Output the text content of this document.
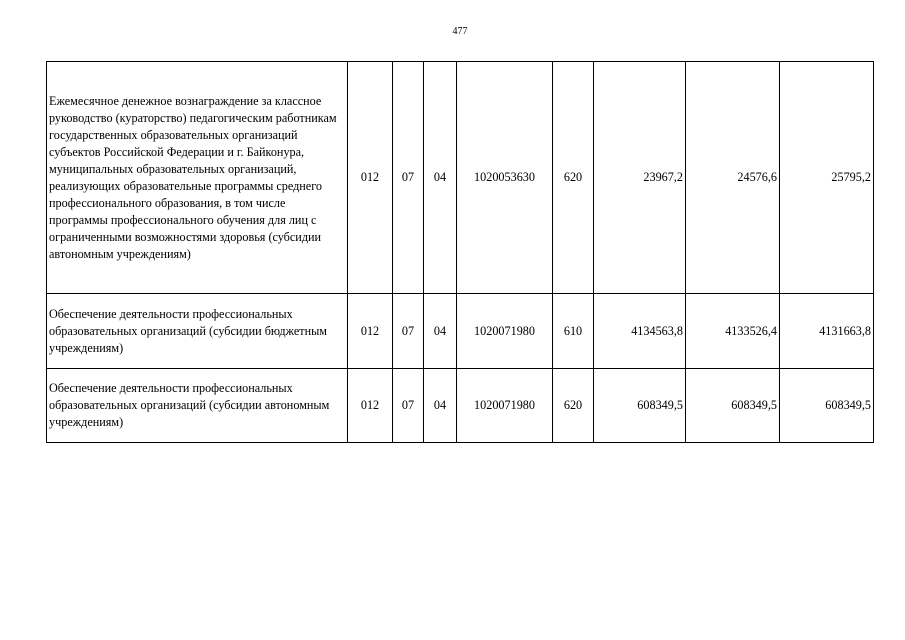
477
Ежемесячное денежное вознаграждение за классное руководство (кураторство) педагогическим работникам государственных образовательных организаций субъектов Российской Федерации и г. Байконура, муниципальных образовательных организаций, реализующих образовательные программы среднего профессионального образования, в том числе программы профессионального обучения для лиц с ограниченными возможностями здоровья (субсидии автономным учреждениям)	012	07	04	1020053630	620	23967,2	24576,6	25795,2
Обеспечение деятельности профессиональных образовательных организаций (субсидии бюджетным учреждениям)	012	07	04	1020071980	610	4134563,8	4133526,4	4131663,8
Обеспечение деятельности профессиональных образовательных организаций (субсидии автономным учреждениям)	012	07	04	1020071980	620	608349,5	608349,5	608349,5
